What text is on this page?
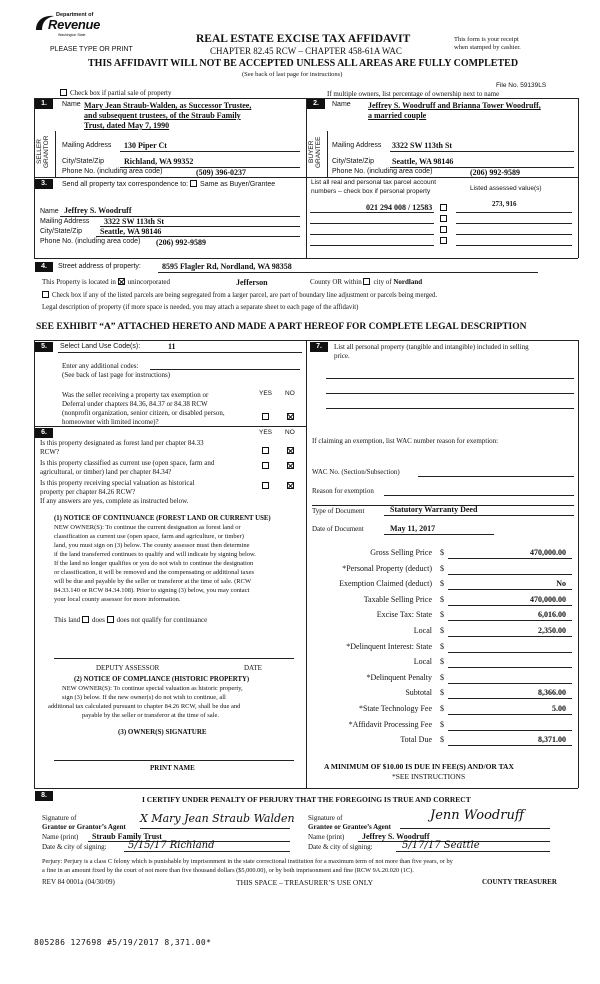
Department of
Revenue
Washington State
PLEASE TYPE OR PRINT
REAL ESTATE EXCISE TAX AFFIDAVIT
CHAPTER 82.45 RCW – CHAPTER 458-61A WAC
This form is your receipt
when stamped by cashier.
THIS AFFIDAVIT WILL NOT BE ACCEPTED UNLESS ALL AREAS ARE FULLY COMPLETED
(See back of last page for instructions)
File No. 59139LS
Check box if partial sale of property	If multiple owners, list percentage of ownership next to name
1.
SELLER GRANTOR
Name Mary Jean Straub-Walden, as Successor Trustee,
and subsequent trustees, of the Straub Family
Trust, dated May 7, 1990
Mailing Address 130 Piper Ct
City/State/Zip Richland, WA 99352
Phone No. (including area code)	(509) 396-0237
2.
BUYER GRANTEE
Name Jeffrey S. Woodruff and Brianna Tower Woodruff,
a married couple
Mailing Address 3322 SW 113th St
City/State/Zip Seattle, WA 98146
Phone No. (including area code)	(206) 992-9589
3.	Send all property tax correspondence to: Same as Buyer/Grantee	List all real and personal tax parcel account
numbers – check box if personal property	Listed assessed value(s)
021 294 008 / 12583	273, 916
Name Jeffrey S. Woodruff
Mailing Address 3322 SW 113th St
City/State/Zip Seattle, WA 98146
Phone No. (including area code) (206) 992-9589
4.	Street address of property:	8595 Flagler Rd, Nordland, WA 98358
This Property is located in unincorporated	Jefferson	County OR within city of Nordland
Check box if any of the listed parcels are being segregated from a larger parcel, are part of boundary line adjustment or parcels being merged.
Legal description of property (if more space is needed, you may attach a separate sheet to each page of the affidavit)
SEE EXHIBIT “A” ATTACHED HERETO AND MADE A PART HEREOF FOR COMPLETE LEGAL DESCRIPTION
5.	Select Land Use Code(s):	11
Enter any additional codes:
(See back of last page for instructions)
YES NO
Was the seller receiving a property tax exemption or
Deferral under chapters 84.36, 84.37 or 84.38 RCW
(nonprofit organization, senior citizen, or disabled person,
homeowner with limited income)?
6.	YES NO
Is this property designated as forest land per chapter 84.33
RCW?
Is this property classified as current use (open space, farm and
agricultural, or timber) land per chapter 84.34?
Is this property receiving special valuation as historical
property per chapter 84.26 RCW?
If any answers are yes, complete as instructed below.
(1) NOTICE OF CONTINUANCE (FOREST LAND OR CURRENT USE)
NEW OWNER(S): To continue the current designation as forest land or
classification as current use (open space, farm and agriculture, or timber)
land, you must sign on (3) below. The county assessor must then determine
if the land transferred continues to qualify and will indicate by signing below.
If the land no longer qualifies or you do not wish to continue the designation
or classification, it will be removed and the compensating or additional taxes
will be due and payable by the seller or transferor at the time of sale. (RCW
84.33.140 or RCW 84.34.108). Prior to signing (3) below, you may contact
your local county assessor for more information.
This land does does not qualify for continuance
DEPUTY ASSESSOR	DATE
(2) NOTICE OF COMPLIANCE (HISTORIC PROPERTY)
NEW OWNER(S): To continue special valuation as historic property,
sign (3) below. If the new owner(s) do not wish to continue, all
additional tax calculated pursuant to chapter 84.26 RCW, shall be due and
payable by the seller or transferor at the time of sale.
(3) OWNER(S) SIGNATURE
PRINT NAME
7.	List all personal property (tangible and intangible) included in selling
price.
If claiming an exemption, list WAC number reason for exemption:
WAC No. (Section/Subsection)
Reason for exemption
Type of Document	Statutory Warranty Deed
Date of Document	May 11, 2017
Gross Selling Price $	470,000.00
*Personal Property (deduct) $
Exemption Claimed (deduct) $	No
Taxable Selling Price $	470,000.00
Excise Tax: State $	6,016.00
Local $	2,350.00
*Delinquent Interest: State $
Local $
*Delinquent Penalty $
Subtotal $	8,366.00
*State Technology Fee $	5.00
*Affidavit Processing Fee $
Total Due $	8,371.00
A MINIMUM OF $10.00 IS DUE IN FEE(S) AND/OR TAX
*SEE INSTRUCTIONS
8.	I CERTIFY UNDER PENALTY OF PERJURY THAT THE FOREGOING IS TRUE AND CORRECT
Signature of
Grantor or Grantor’s Agent
X Mary Jean Straub Walden
Name (print) Straub Family Trust
Date & city of signing: 5/15/17 Richland
Signature of
Grantee or Grantee’s Agent
Jenn Woodruff
Name (print) Jeffrey S. Woodruff
Date & city of signing:	5/17/17 Seattle
Perjury: Perjury is a class C felony which is punishable by imprisonment in the state correctional institution for a maximum term of not more than five years, or by
a fine in an amount fixed by the court of not more than five thousand dollars ($5,000.00), or by both imprisonment and fine (RCW 9A.20.020 (1C).
REV 84 0001a (04/30/09)	THIS SPACE – TREASURER’S USE ONLY	COUNTY TREASURER
805286 127698 #5/19/2017 8,371.00*
